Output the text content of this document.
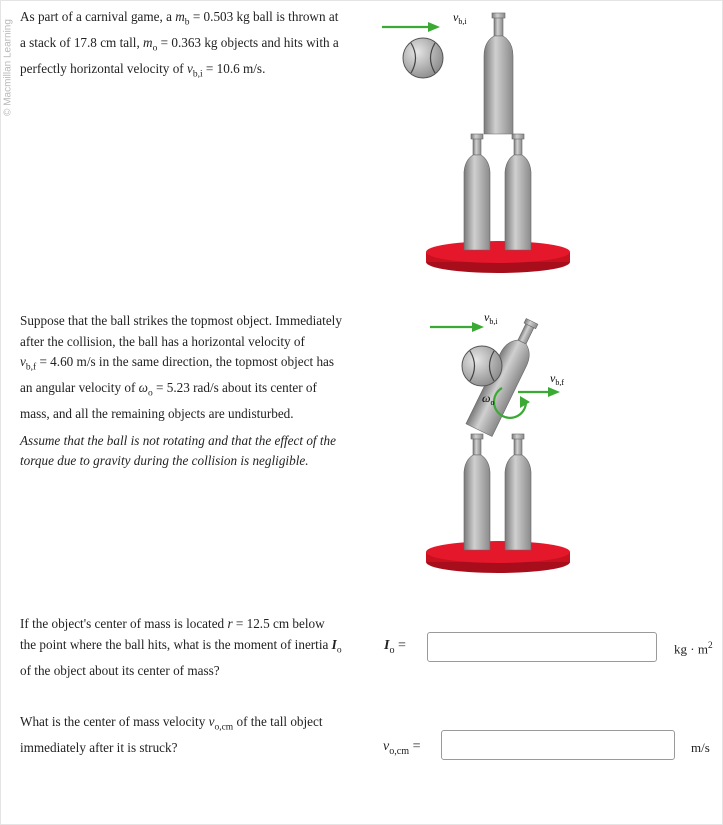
© Macmillan Learning
As part of a carnival game, a $m_b = 0.503$ kg ball is thrown at
a stack of 17.8 cm tall, $m_o = 0.363$ kg objects and hits with a
perfectly horizontal velocity of $v_{b,i} = 10.6$ m/s.
Suppose that the ball strikes the topmost object. Immediately
after the collision, the ball has a horizontal velocity of
$v_{b,f} = 4.60$ m/s in the same direction, the topmost object has
an angular velocity of $\omega_o = 5.23$ rad/s about its center of
mass, and all the remaining objects are undisturbed.
Assume that the ball is not rotating and that the effect of the
torque due to gravity during the collision is negligible.
If the object's center of mass is located r = 12.5 cm below
the point where the ball hits, what is the moment of inertia $I_o$
of the object about its center of mass?
$I_o$ =	kg · $m^2$
What is the center of mass velocity $v_{o,cm}$ of the tall object
immediately after it is struck?	$v_{o,cm}$ =	m/s
$v_{b,i}$
$v_{b,i}$
$\omega_o$
$v_{b,f}$
